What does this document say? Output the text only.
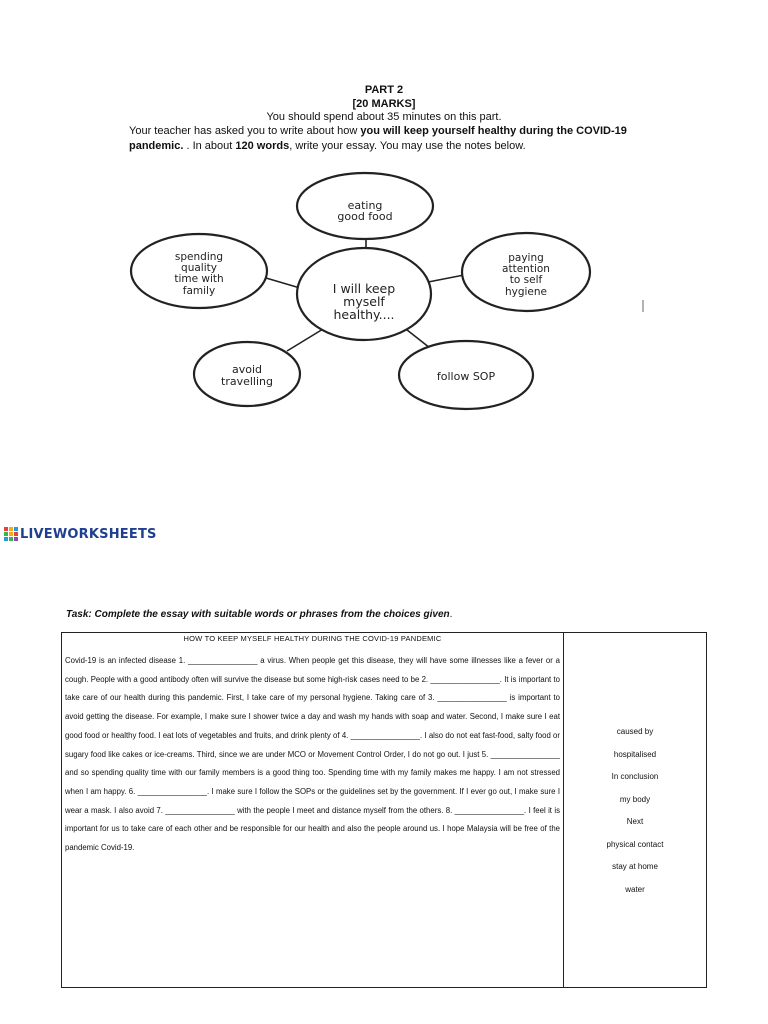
PART 2
[20 MARKS]
You should spend about 35 minutes on this part.
Your teacher has asked you to write about how you will keep yourself healthy during the COVID-19 pandemic. . In about 120 words, write your essay. You may use the notes below.
I will keep myself healthy....
eating good food
paying attention to self hygiene
follow SOP
avoid travelling
spending quality time with family
LIVEWORKSHEETS
Task: Complete the essay with suitable words or phrases from the choices given.
HOW TO KEEP MYSELF HEALTHY DURING THE COVID-19 PANDEMIC
Covid-19 is an infected disease 1. ________________ a virus. When people get this disease, they will have some illnesses like a fever or a cough. People with a good antibody often will survive the disease but some high-risk cases need to be 2. ________________. It is important to take care of our health during this pandemic. First, I take care of my personal hygiene. Taking care of 3. ________________ is important to avoid getting the disease. For example, I make sure I shower twice a day and wash my hands with soap and water. Second, I make sure I eat good food or healthy food. I eat lots of vegetables and fruits, and drink plenty of 4. ________________. I also do not eat fast-food, salty food or sugary food like cakes or ice-creams. Third, since we are under MCO or Movement Control Order, I do not go out. I just 5. ________________ and so spending quality time with our family members is a good thing too. Spending time with my family makes me happy. I am not stressed when I am happy. 6. ________________. I make sure I follow the SOPs or the guidelines set by the government. If I ever go out, I make sure I wear a mask. I also avoid 7. ________________ with the people I meet and distance myself from the others. 8. ________________. I feel it is important for us to take care of each other and be responsible for our health and also the people around us. I hope Malaysia will be free of the pandemic Covid-19.
caused by
hospitalised
In conclusion
my body
Next
physical contact
stay at home
water
